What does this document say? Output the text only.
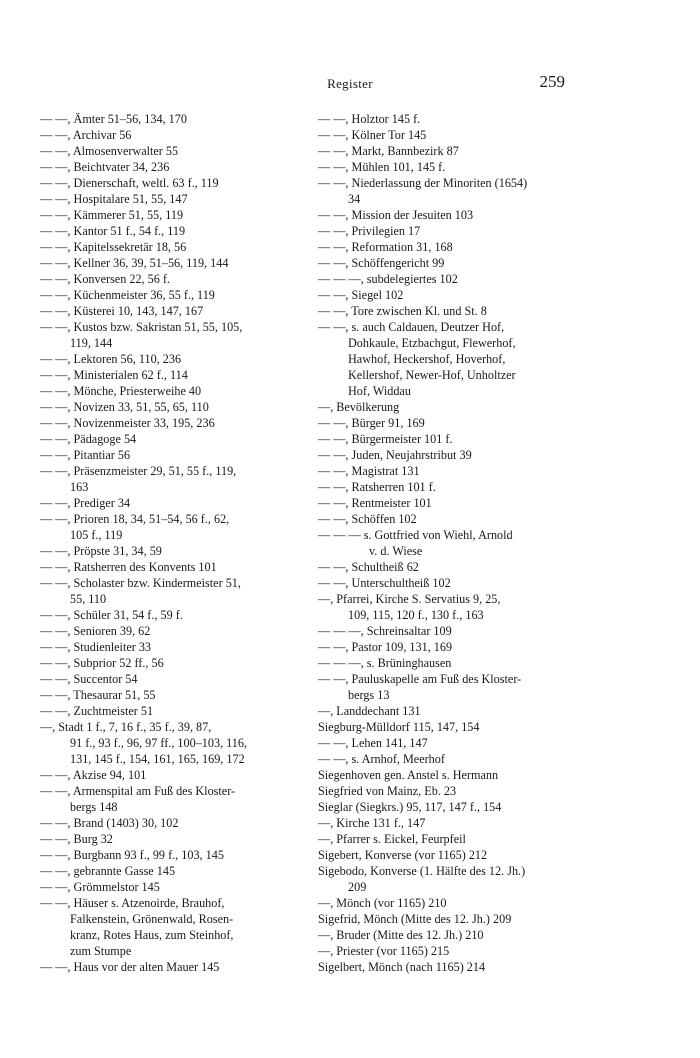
Register	259

— —, Ämter 51–56, 134, 170

— —, Archivar 56

— —, Almosenverwalter 55

— —, Beichtvater 34, 236

— —, Dienerschaft, weltl. 63 f., 119

— —, Hospitalare 51, 55, 147

— —, Kämmerer 51, 55, 119

— —, Kantor 51 f., 54 f., 119

— —, Kapitelssekretär 18, 56

— —, Kellner 36, 39, 51–56, 119, 144

— —, Konversen 22, 56 f.

— —, Küchenmeister 36, 55 f., 119

— —, Küsterei 10, 143, 147, 167

— —, Kustos bzw. Sakristan 51, 55, 105,

119, 144

— —, Lektoren 56, 110, 236

— —, Ministerialen 62 f., 114

— —, Mönche, Priesterweihe 40

— —, Novizen 33, 51, 55, 65, 110

— —, Novizenmeister 33, 195, 236

— —, Pädagoge 54

— —, Pitantiar 56

— —, Präsenzmeister 29, 51, 55 f., 119,

163

— —, Prediger 34

— —, Prioren 18, 34, 51–54, 56 f., 62,

105 f., 119

— —, Pröpste 31, 34, 59

— —, Ratsherren des Konvents 101

— —, Scholaster bzw. Kindermeister 51,

55, 110

— —, Schüler 31, 54 f., 59 f.

— —, Senioren 39, 62

— —, Studienleiter 33

— —, Subprior 52 ff., 56

— —, Succentor 54

— —, Thesaurar 51, 55

— —, Zuchtmeister 51

—, Stadt 1 f., 7, 16 f., 35 f., 39, 87,

91 f., 93 f., 96, 97 ff., 100–103, 116,

131, 145 f., 154, 161, 165, 169, 172

— —, Akzise 94, 101

— —, Armenspital am Fuß des Kloster-

bergs 148

— —, Brand (1403) 30, 102

— —, Burg 32

— —, Burgbann 93 f., 99 f., 103, 145

— —, gebrannte Gasse 145

— —, Grömmelstor 145

— —, Häuser s. Atzenoirde, Brauhof,

Falkenstein, Grönenwald, Rosen-

kranz, Rotes Haus, zum Steinhof,

zum Stumpe

— —, Haus vor der alten Mauer 145

— —, Holztor 145 f.

— —, Kölner Tor 145

— —, Markt, Bannbezirk 87

— —, Mühlen 101, 145 f.

— —, Niederlassung der Minoriten (1654)

34

— —, Mission der Jesuiten 103

— —, Privilegien 17

— —, Reformation 31, 168

— —, Schöffengericht 99

— — —, subdelegiertes 102

— —, Siegel 102

— —, Tore zwischen Kl. und St. 8

— —, s. auch Caldauen, Deutzer Hof,

Dohkaule, Etzbachgut, Flewerhof,

Hawhof, Heckershof, Hoverhof,

Kellershof, Newer-Hof, Unholtzer

Hof, Widdau

—, Bevölkerung

— —, Bürger 91, 169

— —, Bürgermeister 101 f.

— —, Juden, Neujahrstribut 39

— —, Magistrat 131

— —, Ratsherren 101 f.

— —, Rentmeister 101

— —, Schöffen 102

— — — s. Gottfried von Wiehl, Arnold

v. d. Wiese

— —, Schultheiß 62

— —, Unterschultheiß 102

—, Pfarrei, Kirche S. Servatius 9, 25,

109, 115, 120 f., 130 f., 163

— — —, Schreinsaltar 109

— —, Pastor 109, 131, 169

— — —, s. Brüninghausen

— —, Pauluskapelle am Fuß des Kloster-

bergs 13

—, Landdechant 131

Siegburg-Mülldorf 115, 147, 154

— —, Lehen 141, 147

— —, s. Arnhof, Meerhof

Siegenhoven gen. Anstel s. Hermann

Siegfried von Mainz, Eb. 23

Sieglar (Siegkrs.) 95, 117, 147 f., 154

—, Kirche 131 f., 147

—, Pfarrer s. Eickel, Feurpfeil

Sigebert, Konverse (vor 1165) 212

Sigebodo, Konverse (1. Hälfte des 12. Jh.)

209

—, Mönch (vor 1165) 210

Sigefrid, Mönch (Mitte des 12. Jh.) 209

—, Bruder (Mitte des 12. Jh.) 210

—, Priester (vor 1165) 215

Sigelbert, Mönch (nach 1165) 214
